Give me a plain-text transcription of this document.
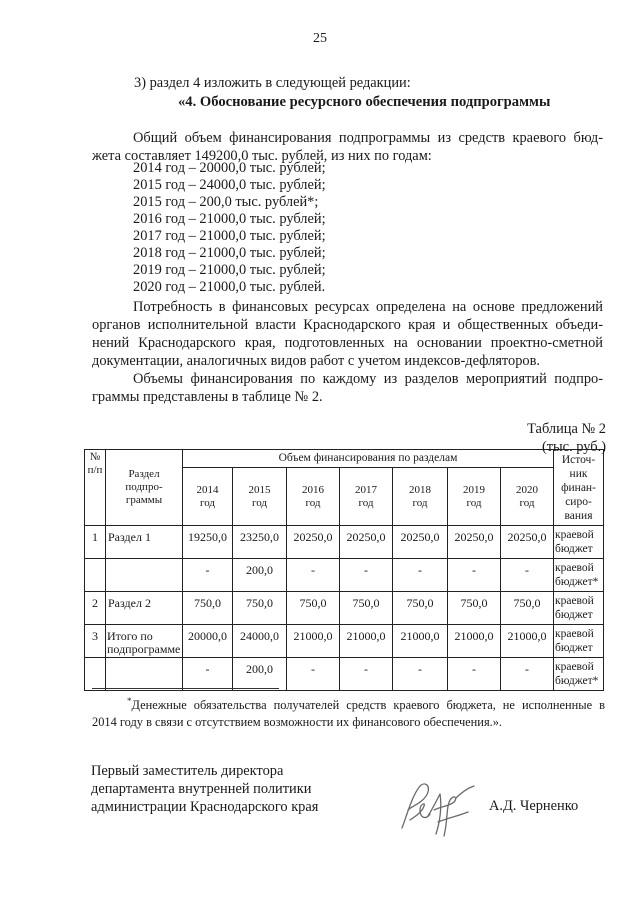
25
3) раздел 4 изложить в следующей редакции:
«4. Обоснование ресурсного обеспечения подпрограммы
Общий объем финансирования подпрограммы из средств краевого бюд-
жета составляет 149200,0 тыс. рублей, из них по годам:
2014 год – 20000,0 тыс. рублей;
2015 год – 24000,0 тыс. рублей;
2015 год – 200,0 тыс. рублей*;
2016 год – 21000,0 тыс. рублей;
2017 год – 21000,0 тыс. рублей;
2018 год – 21000,0 тыс. рублей;
2019 год – 21000,0 тыс. рублей;
2020 год – 21000,0 тыс. рублей.
Потребность в финансовых ресурсах определена на основе предложений
органов исполнительной власти Краснодарского края и общественных объеди-
нений Краснодарского края, подготовленных на основании проектно-сметной
документации, аналогичных видов работ с учетом индексов-дефляторов.
Объемы финансирования по каждому из разделов мероприятий подпро-
граммы представлены в таблице № 2.
Таблица № 2
(тыс. руб.)
№ п/п	Раздел подпро-граммы	Объем финансирования по разделам							Источ-ник финан-сиро-вания
		2014 год	2015 год	2016 год	2017 год	2018 год	2019 год	2020 год	
1	Раздел 1	19250,0	23250,0	20250,0	20250,0	20250,0	20250,0	20250,0	краевой бюджет
		-	200,0	-	-	-	-	-	краевой бюджет*
2	Раздел 2	750,0	750,0	750,0	750,0	750,0	750,0	750,0	краевой бюджет
3	Итого по подпрограмме	20000,0	24000,0	21000,0	21000,0	21000,0	21000,0	21000,0	краевой бюджет
		-	200,0	-	-	-	-	-	краевой бюджет*
*Денежные обязательства получателей средств краевого бюджета, не исполненные в
2014 году в связи с отсутствием возможности их финансового обеспечения.».
Первый заместитель директора
департамента внутренней политики
администрации Краснодарского края	А.Д. Черненко
